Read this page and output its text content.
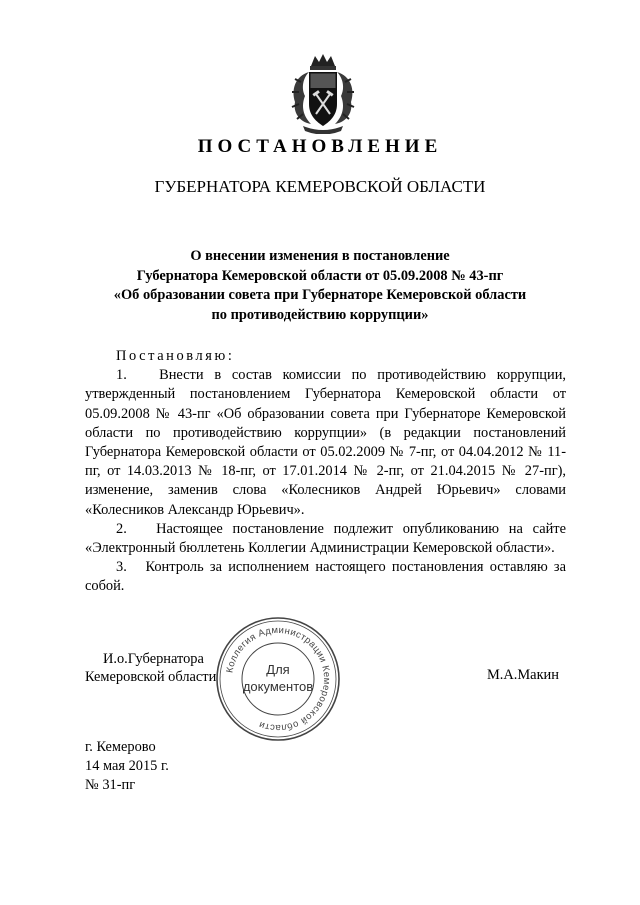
ПОСТАНОВЛЕНИЕ
ГУБЕРНАТОРА КЕМЕРОВСКОЙ ОБЛАСТИ
О внесении изменения в постановление
Губернатора Кемеровской области от 05.09.2008 № 43-пг
«Об образовании совета при Губернаторе Кемеровской области
по противодействию коррупции»

Постановляю:

1.   Внести в состав комиссии по противодействию коррупции, утвержденный постановлением Губернатора Кемеровской области от 05.09.2008 № 43-пг «Об образовании совета при Губернаторе Кемеровской области по противодействию коррупции» (в редакции постановлений Губернатора Кемеровской области от 05.02.2009 № 7-пг, от 04.04.2012 № 11-пг, от 14.03.2013 № 18-пг, от 17.01.2014 № 2-пг, от 21.04.2015 № 27-пг), изменение, заменив слова «Колесников Андрей Юрьевич» словами «Колесников Александр Юрьевич».

2.   Настоящее постановление подлежит опубликованию на сайте «Электронный бюллетень Коллегии Администрации Кемеровской области».

3.   Контроль за исполнением настоящего постановления оставляю за собой.

И.о.Губернатора
Кемеровской области	М.А.Макин
Коллегия Администрации Кемеровской области
Для
документов
г. Кемерово
14 мая 2015 г.
№ 31-пг
